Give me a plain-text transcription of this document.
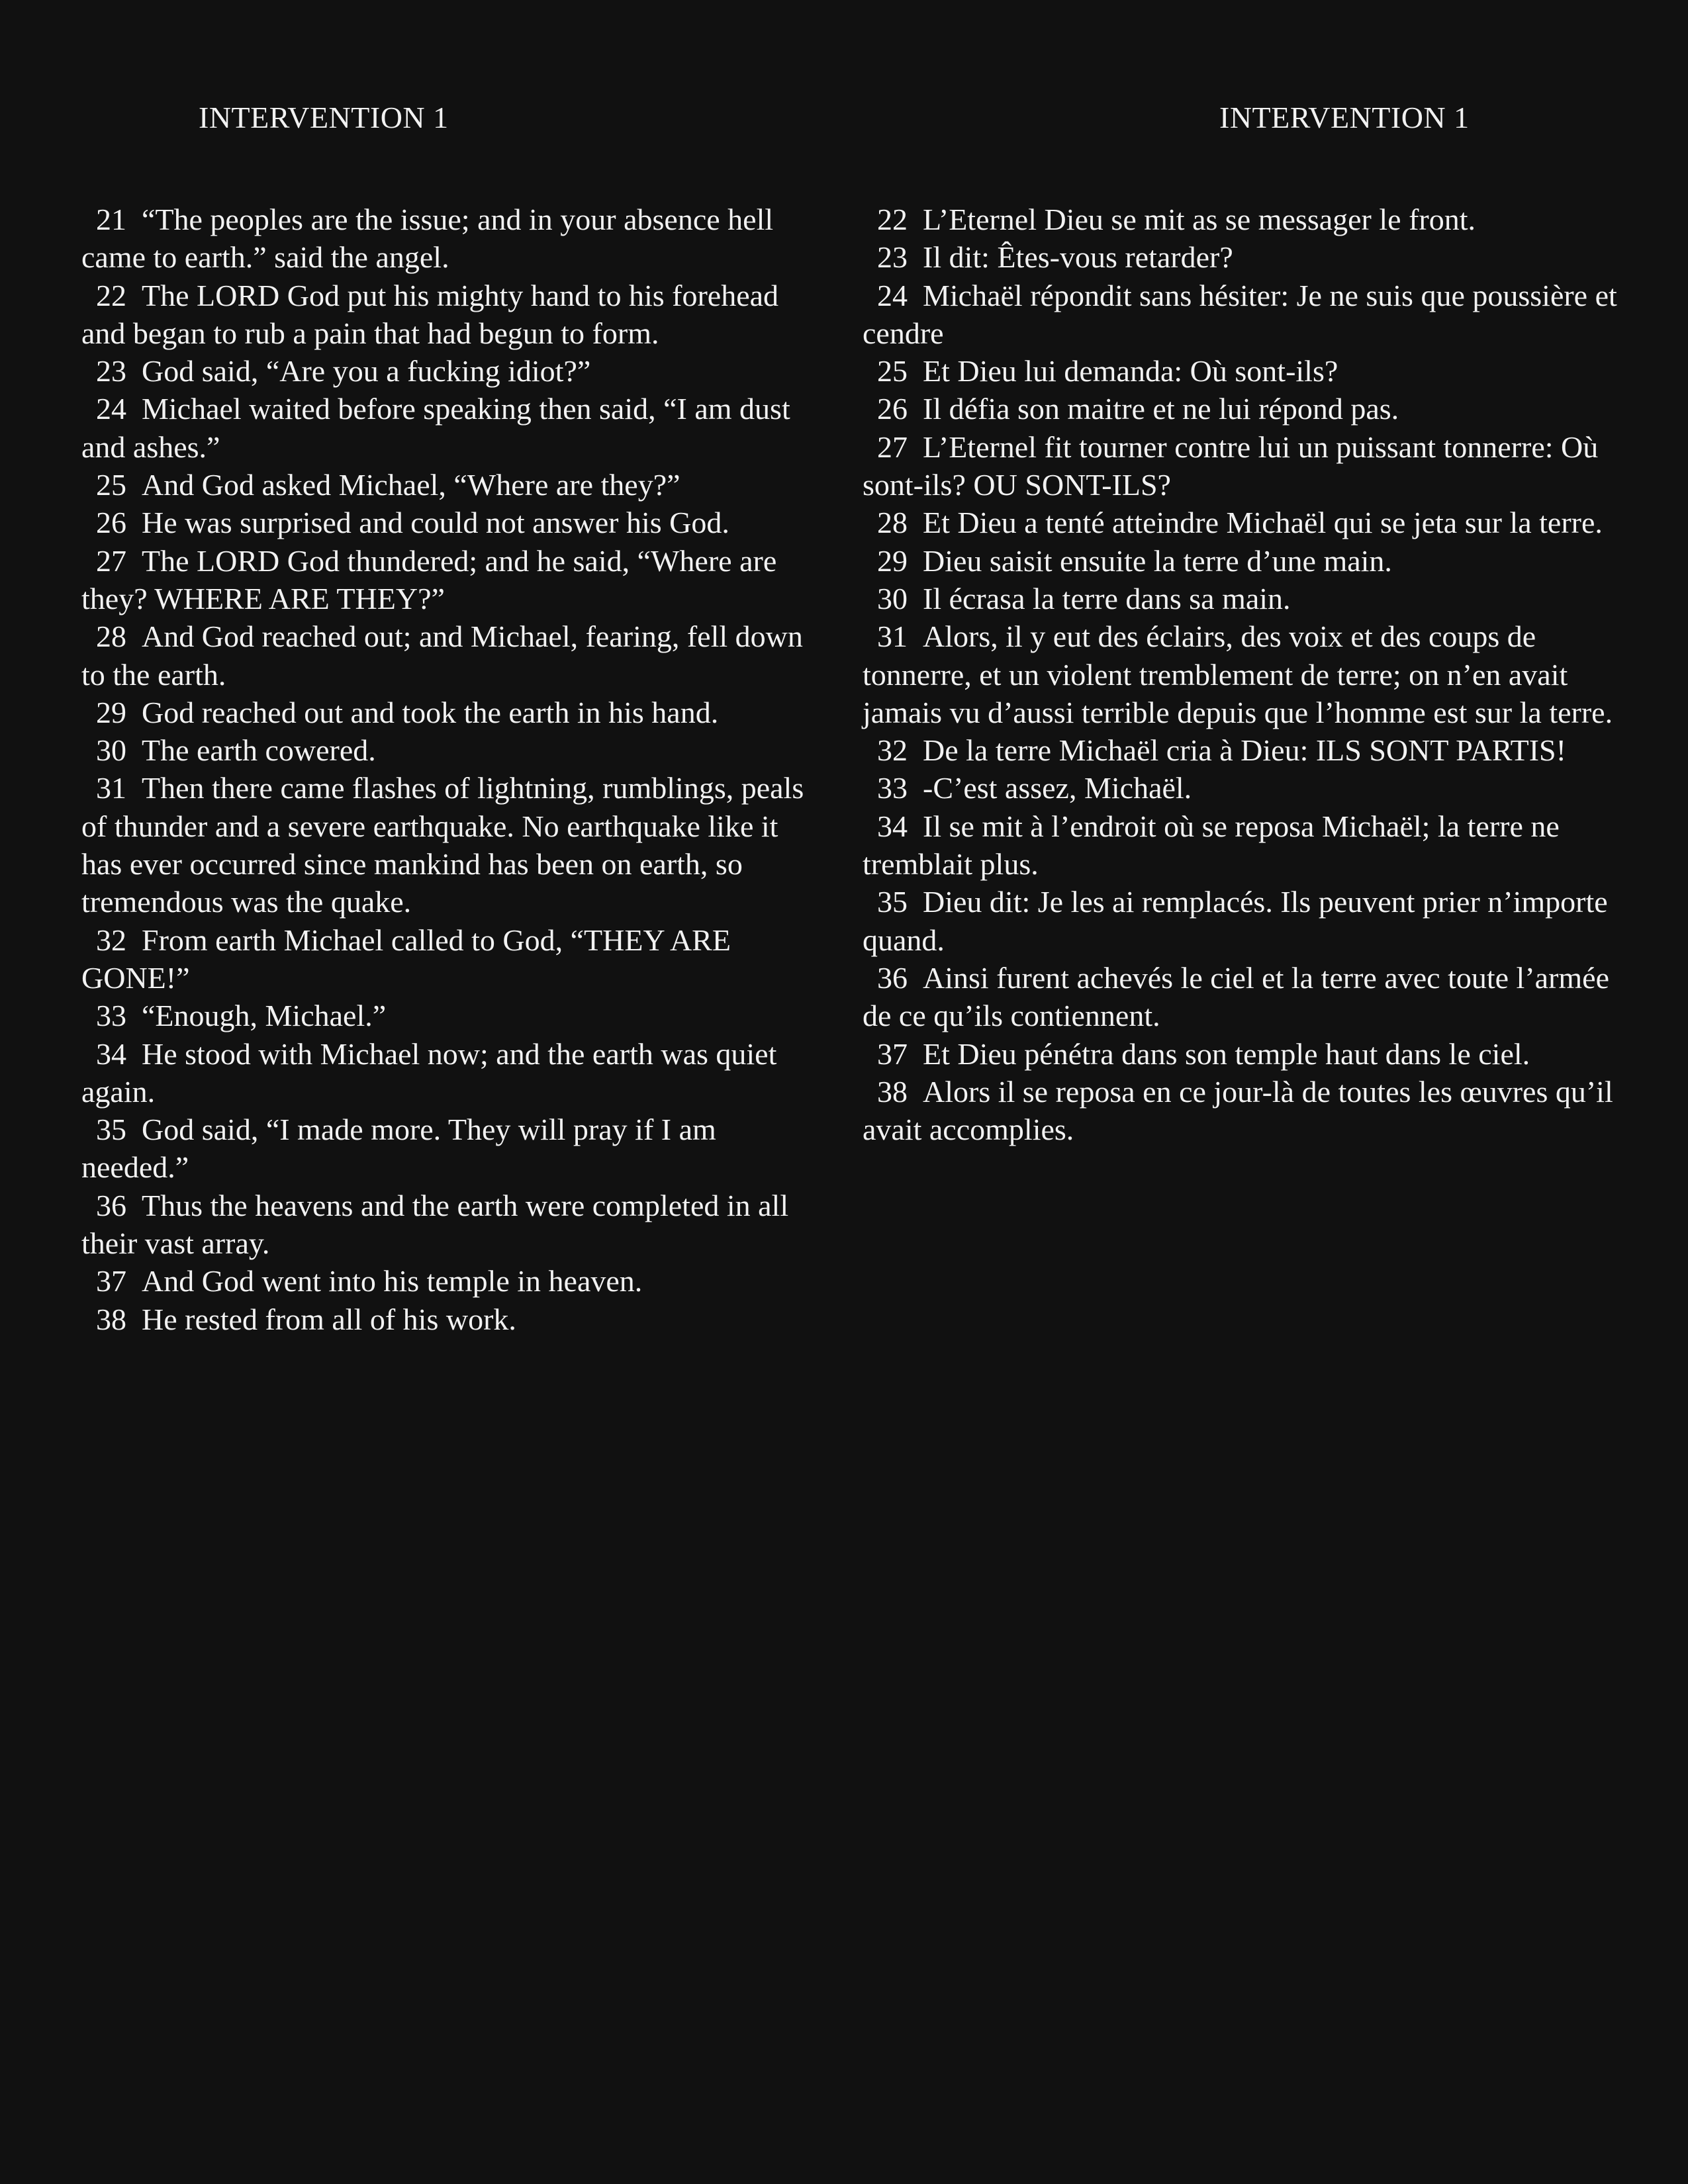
INTERVENTION 1	INTERVENTION 1

21 “The peoples are the issue; and in your absence hell came to earth.” said the angel.

22 The LORD God put his mighty hand to his forehead and began to rub a pain that had begun to form.

23 God said, “Are you a fucking idiot?”

24 Michael waited before speaking then said, “I am dust and ashes.”

25 And God asked Michael, “Where are they?”

26 He was surprised and could not answer his God.

27 The LORD God thundered; and he said, “Where are they? WHERE ARE THEY?”

28 And God reached out; and Michael, fearing, fell down to the earth.

29 God reached out and took the earth in his hand.

30 The earth cowered.

31 Then there came flashes of lightning, rumblings, peals of thunder and a severe earthquake. No earthquake like it has ever occurred since mankind has been on earth, so tremendous was the quake.

32 From earth Michael called to God, “THEY ARE GONE!”

33 “Enough, Michael.”

34 He stood with Michael now; and the earth was quiet again.

35 God said, “I made more. They will pray if I am needed.”

36 Thus the heavens and the earth were completed in all their vast array.

37 And God went into his temple in heaven.

38 He rested from all of his work.

22 L’Eternel Dieu se mit as se messager le front.

23 Il dit: Êtes-vous retarder?

24 Michaël répondit sans hésiter: Je ne suis que poussière et cendre

25 Et Dieu lui demanda: Où sont-ils?

26 Il défia son maitre et ne lui répond pas.

27 L’Eternel fit tourner contre lui un puissant tonnerre: Où sont-ils? OU SONT-ILS?

28 Et Dieu a tenté atteindre Michaël qui se jeta sur la terre.

29 Dieu saisit ensuite la terre d’une main.

30 Il écrasa la terre dans sa main.

31 Alors, il y eut des éclairs, des voix et des coups de tonnerre, et un violent tremblement de terre; on n’en avait jamais vu d’aussi terrible depuis que l’homme est sur la terre.

32 De la terre Michaël cria à Dieu: ILS SONT PARTIS!

33 -C’est assez, Michaël.

34 Il se mit à l’endroit où se reposa Michaël; la terre ne tremblait plus.

35 Dieu dit: Je les ai remplacés. Ils peuvent prier n’importe quand.

36 Ainsi furent achevés le ciel et la terre avec toute l’armée de ce qu’ils contiennent.

37 Et Dieu pénétra dans son temple haut dans le ciel.

38 Alors il se reposa en ce jour-là de toutes les œuvres qu’il avait accomplies.
